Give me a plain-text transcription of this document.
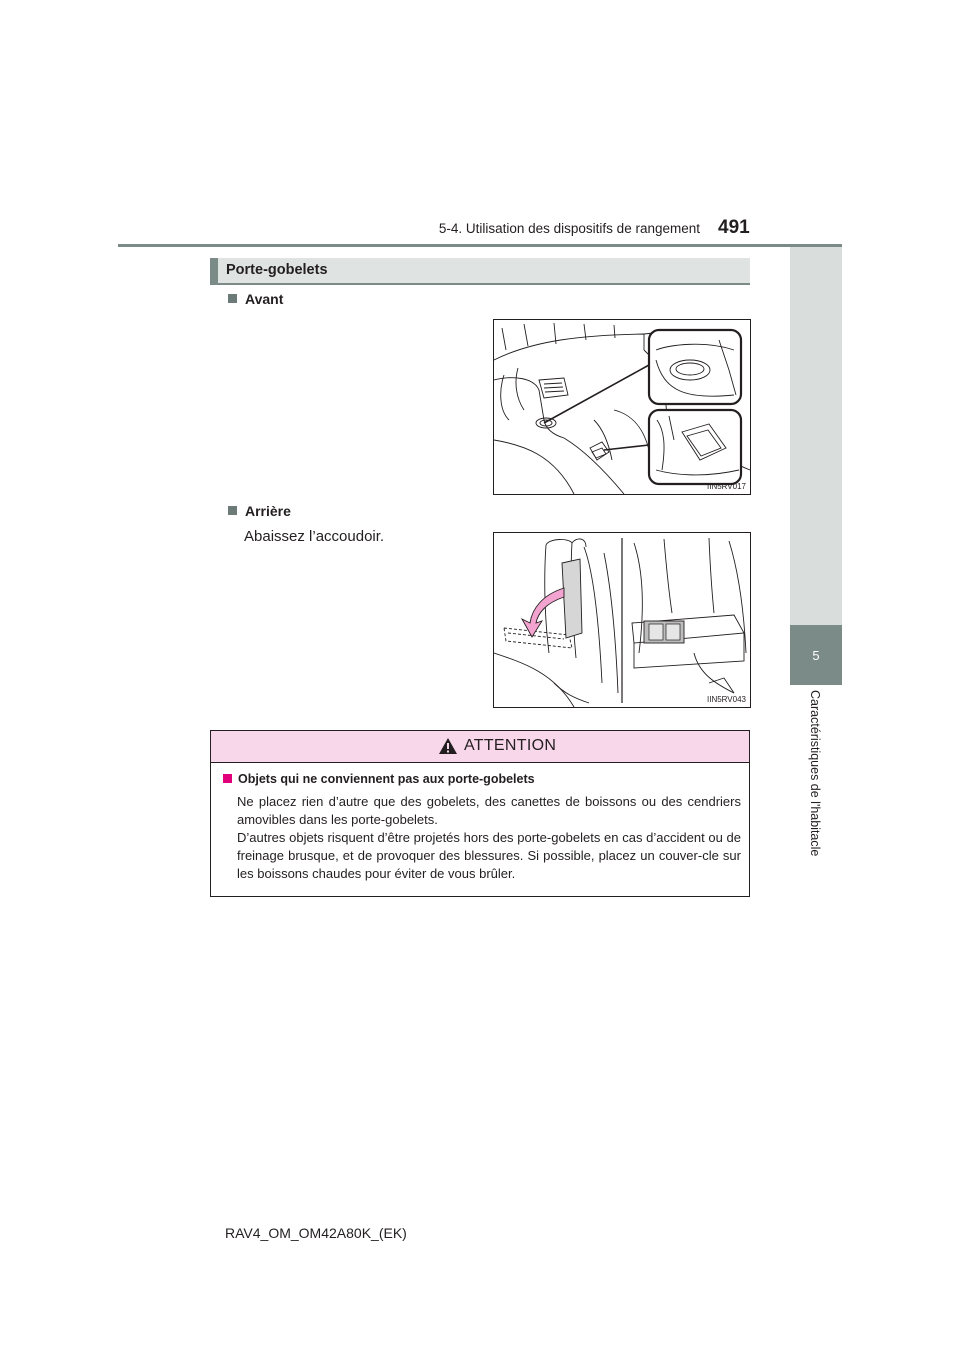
5-4. Utilisation des dispositifs de rangement 491
5
Caractéristiques de l'habitacle
Porte-gobelets
Avant
IIN5RV017
Arrière
Abaissez l’accoudoir.
IIN5RV043
ATTENTION
Objets qui ne conviennent pas aux porte-gobelets

Ne placez rien d’autre que des gobelets, des canettes de boissons ou des cendriers amovibles dans les porte-gobelets.

D’autres objets risquent d’être projetés hors des porte-gobelets en cas d’accident ou de freinage brusque, et de provoquer des blessures. Si possible, placez un couver-cle sur les boissons chaudes pour éviter de vous brûler.

RAV4_OM_OM42A80K_(EK)
